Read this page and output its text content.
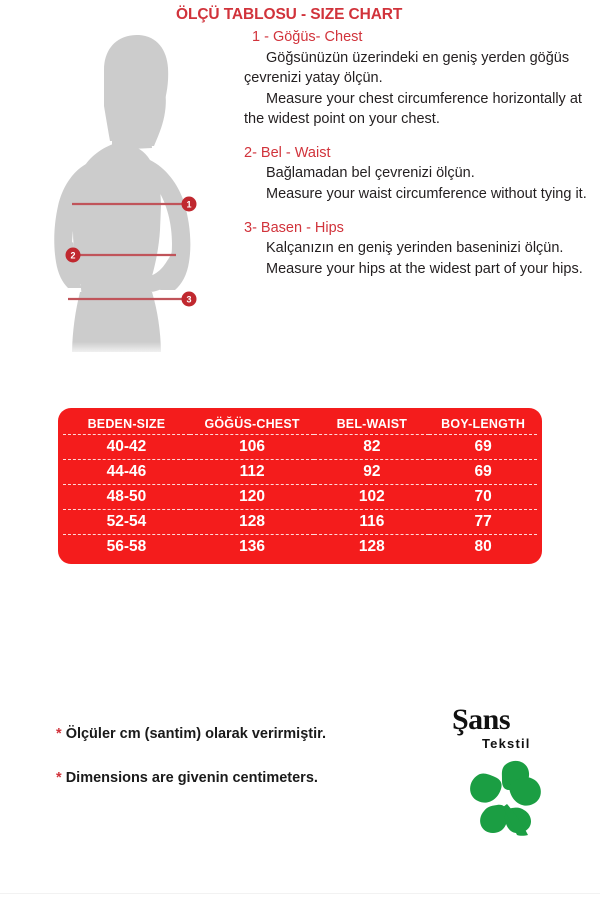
1
2
3
ÖLÇÜ TABLOSU - SIZE CHART
1 - Göğüs- Chest
Göğsünüzün üzerindeki en geniş yerden göğüs çevrenizi yatay ölçün.
Measure your chest circumference horizontally at the widest point on your chest.
2- Bel - Waist
Bağlamadan bel çevrenizi ölçün.
Measure your waist circumference without tying it.
3- Basen - Hips
Kalçanızın en geniş yerinden baseninizi ölçün.
Measure your hips at the widest part of your hips.
BEDEN-SIZE	GÖĞÜS-CHEST	BEL-WAIST	BOY-LENGTH
40-42	106	82	69
44-46	112	92	69
48-50	120	102	70
52-54	128	116	77
56-58	136	128	80
* Ölçüler cm (santim) olarak verirmiştir.
* Dimensions are givenin centimeters.
Şans
Tekstil
